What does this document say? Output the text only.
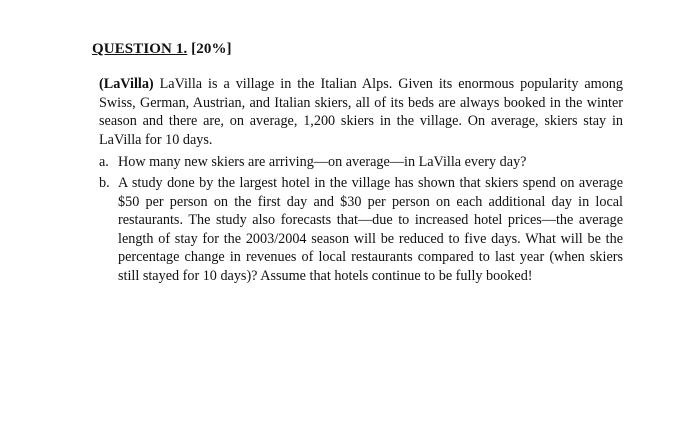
QUESTION 1. [20%]

(LaVilla) LaVilla is a village in the Italian Alps. Given its enormous popularity among Swiss, German, Austrian, and Italian skiers, all of its beds are always booked in the winter season and there are, on average, 1,200 skiers in the village. On average, skiers stay in LaVilla for 10 days.

a. How many new skiers are arriving—on average—in LaVilla every day?
b. A study done by the largest hotel in the village has shown that skiers spend on average $50 per person on the first day and $30 per person on each additional day in local restaurants. The study also forecasts that—due to increased hotel prices—the average length of stay for the 2003/2004 season will be reduced to five days. What will be the percentage change in revenues of local restaurants compared to last year (when skiers still stayed for 10 days)? Assume that hotels continue to be fully booked!
